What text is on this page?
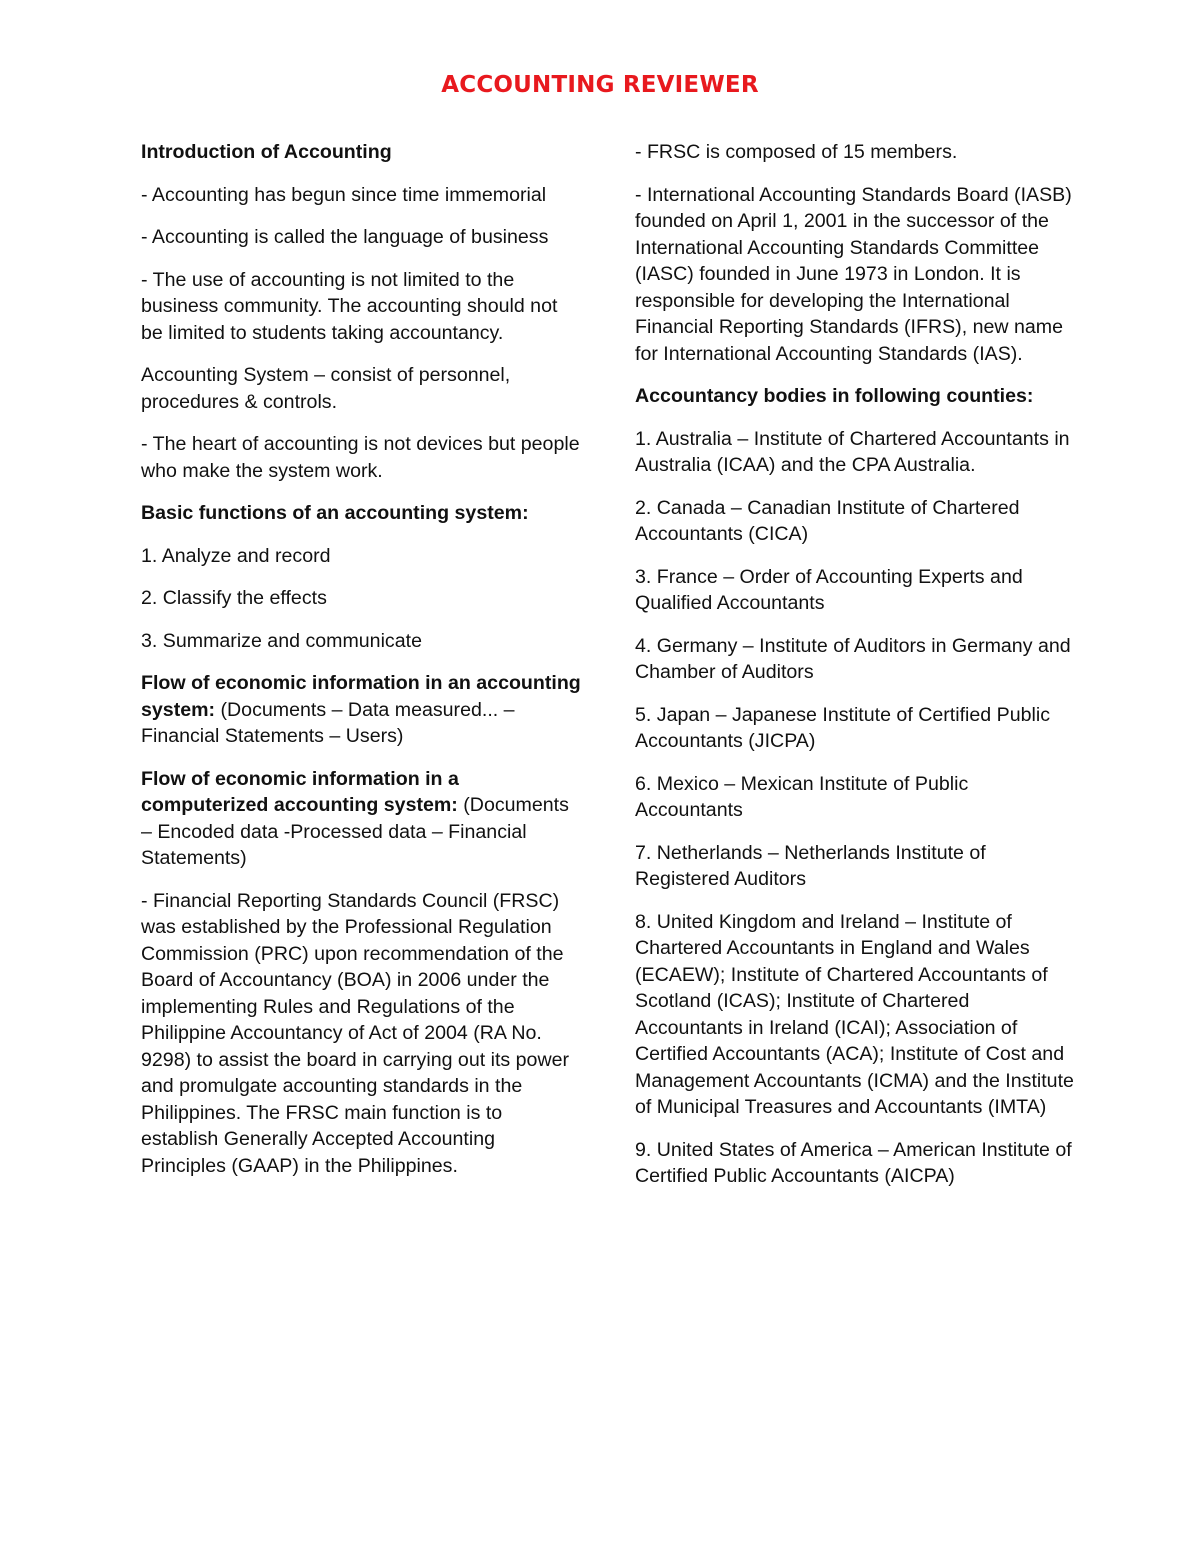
ACCOUNTING REVIEWER

Introduction of Accounting

- Accounting has begun since time immemorial

- Accounting is called the language of business

- The use of accounting is not limited to the business community. The accounting should not be limited to students taking accountancy.

Accounting System – consist of personnel, procedures & controls.

- The heart of accounting is not devices but people who make the system work.

Basic functions of an accounting system:

1. Analyze and record

2. Classify the effects

3. Summarize and communicate

Flow of economic information in an accounting system: (Documents – Data measured... – Financial Statements – Users)

Flow of economic information in a computerized accounting system: (Documents – Encoded data -Processed data – Financial Statements)

- Financial Reporting Standards Council (FRSC) was established by the Professional Regulation Commission (PRC) upon recommendation of the Board of Accountancy (BOA) in 2006 under the implementing Rules and Regulations of the Philippine Accountancy of Act of 2004 (RA No. 9298) to assist the board in carrying out its power and promulgate accounting standards in the Philippines. The FRSC main function is to establish Generally Accepted Accounting Principles (GAAP) in the Philippines.

- FRSC is composed of 15 members.

- International Accounting Standards Board (IASB) founded on April 1, 2001 in the successor of the International Accounting Standards Committee (IASC) founded in June 1973 in London. It is responsible for developing the International Financial Reporting Standards (IFRS), new name for International Accounting Standards (IAS).

Accountancy bodies in following counties:

1. Australia – Institute of Chartered Accountants in Australia (ICAA) and the CPA Australia.

2. Canada – Canadian Institute of Chartered Accountants (CICA)

3. France – Order of Accounting Experts and Qualified Accountants

4. Germany – Institute of Auditors in Germany and Chamber of Auditors

5. Japan – Japanese Institute of Certified Public Accountants (JICPA)

6. Mexico – Mexican Institute of Public Accountants

7. Netherlands – Netherlands Institute of Registered Auditors

8. United Kingdom and Ireland – Institute of Chartered Accountants in England and Wales (ECAEW); Institute of Chartered Accountants of Scotland (ICAS); Institute of Chartered Accountants in Ireland (ICAI); Association of Certified Accountants (ACA); Institute of Cost and Management Accountants (ICMA) and the Institute of Municipal Treasures and Accountants (IMTA)

9. United States of America – American Institute of Certified Public Accountants (AICPA)
